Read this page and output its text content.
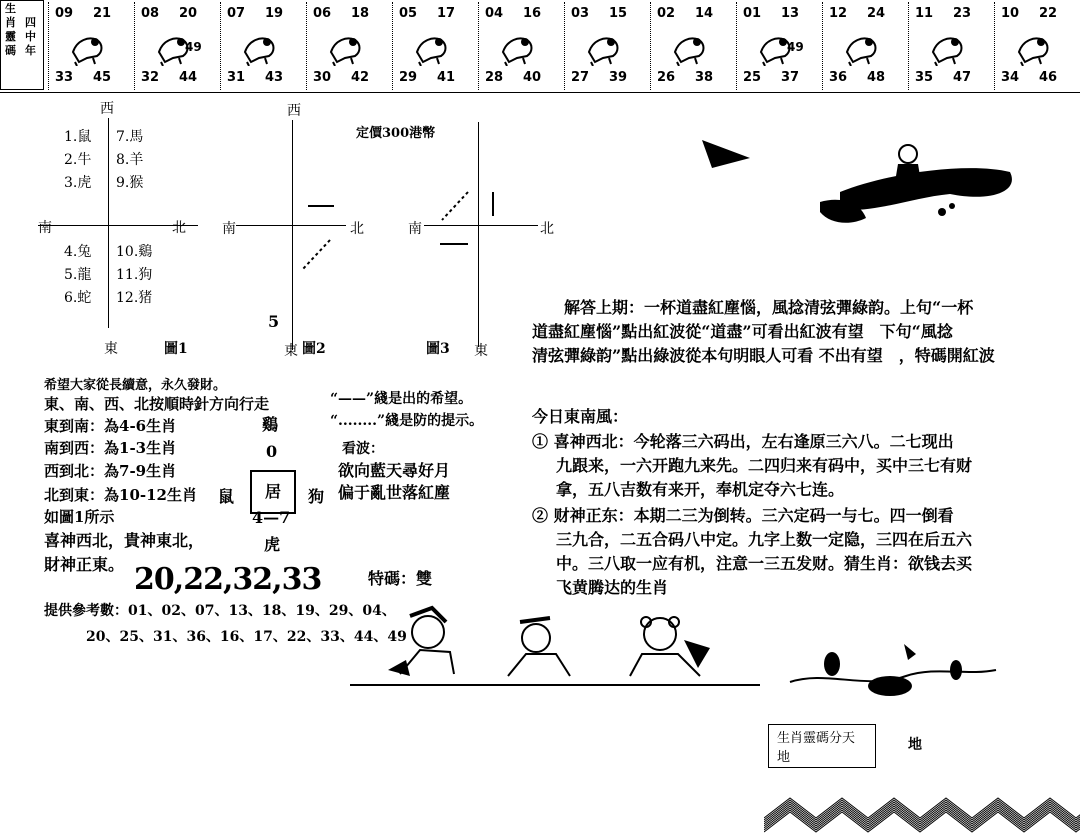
生
肖
靈
碼
四
中
年
09 21
33 45
08 20
32 44
49
07 19
31 43
06 18
30 42
05 17
29 41
04 16
28 40
03 15
27 39
02 14
26 38
01 13
25 37
49
12 24
36 48
11 23
35 47
10 22
34 46
西
1.鼠
2.牛
3.虎
7.馬
8.羊
9.猴
4.兔
5.龍
6.蛇
10.鷄
11.狗
12.猪
南	北
東	圖1
西
定價300港幣
南	北
5
東 圖2
南	北
圖3 東
希望大家從長續意，永久發財。
東、南、西、北按順時針方向行走
東到南：為4-6生肖
南到西：為1-3生肖
西到北：為7-9生肖
北到東：為10-12生肖
如圖1所示
喜神西北，貴神東北，
財神正東。 20,22,32,33
提供參考數：01、02、07、13、18、19、29、04、
20、25、31、36、16、17、22、33、44、49
“——”綫是出的希望。
“........”綫是防的提示。
鷄
0	看波：
欲向藍天尋好月
偏于亂世落紅塵
鼠	居	狗
4—7
虎
特碼：雙
解答上期：一杯道盡紅塵惱，風捻清弦彈綠韵。上句“一杯
道盡紅塵惱”點出紅波從“道盡”可看出紅波有望　下句“風捻
清弦彈綠韵”點出綠波從本句明眼人可看 不出有望　，特碼開紅波
今日東南風：
① 喜神西北：今轮落三六码出，左右逢原三六八。二七现出
九跟来，一六开跑九来先。二四归来有码中，买中三七有财
拿，五八吉数有来开，奉机定夺六七连。
② 财神正东：本期二三为倒转。三六定码一与七。四一倒看
三九合，二五合码八中定。九字上数一定隐，三四在后五六
中。三八取一应有机，注意一三五发财。猜生肖：欲钱去买
飞黄腾达的生肖
生肖靈碼分天地
地
